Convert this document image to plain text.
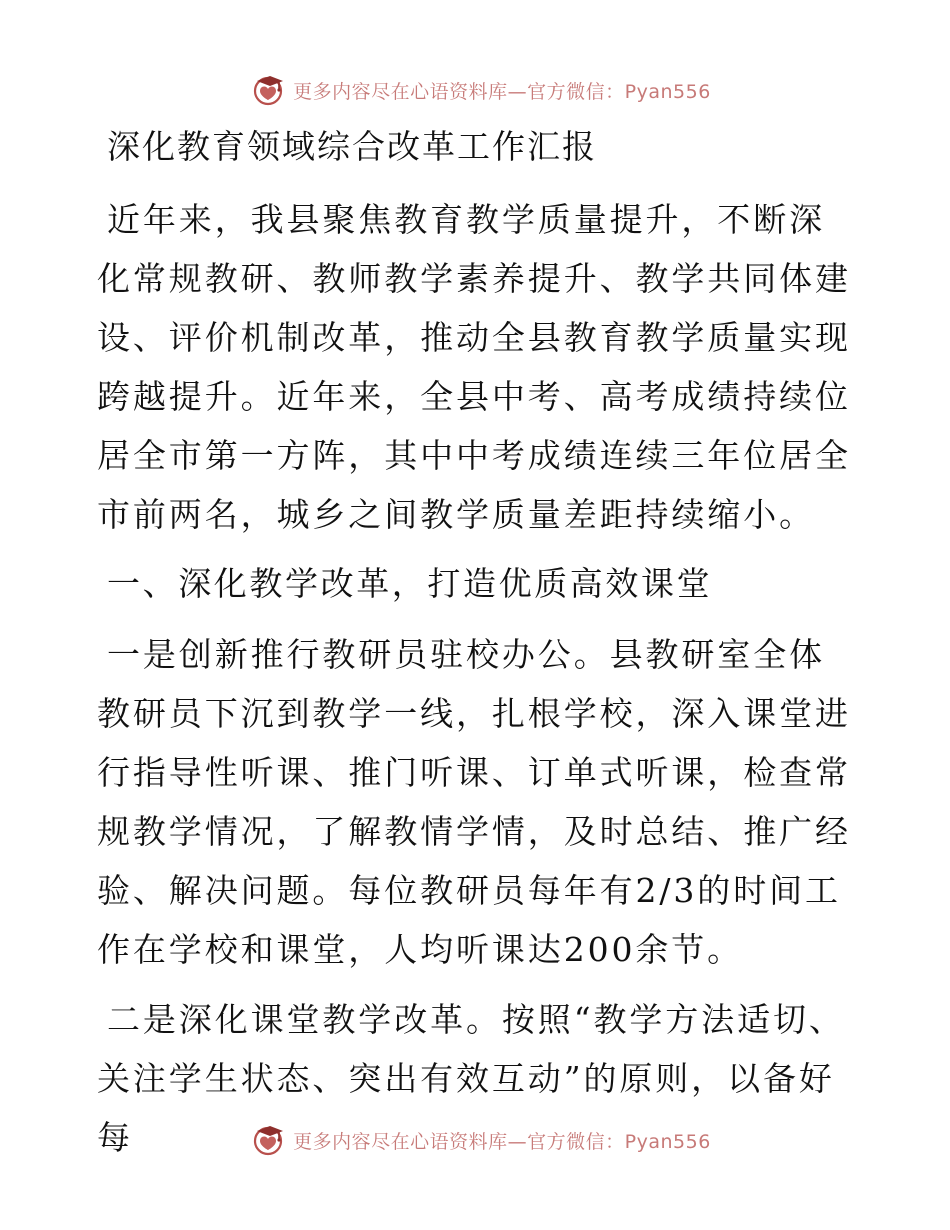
更多内容尽在心语资料库—官方微信：Pyan556
深化教育领域综合改革工作汇报

近年来，我县聚焦教育教学质量提升，不断深化常规教研、教师教学素养提升、教学共同体建设、评价机制改革，推动全县教育教学质量实现跨越提升。近年来，全县中考、高考成绩持续位居全市第一方阵，其中中考成绩连续三年位居全市前两名，城乡之间教学质量差距持续缩小。

一、深化教学改革，打造优质高效课堂

一是创新推行教研员驻校办公。县教研室全体教研员下沉到教学一线，扎根学校，深入课堂进行指导性听课、推门听课、订单式听课，检查常规教学情况，了解教情学情，及时总结、推广经验、解决问题。每位教研员每年有2/3的时间工作在学校和课堂，人均听课达200余节。

二是深化课堂教学改革。按照“教学方法适切、关注学生状态、突出有效互动”的原则，以备好每	更多内容尽在心语资料库—官方微信：Pyan556
